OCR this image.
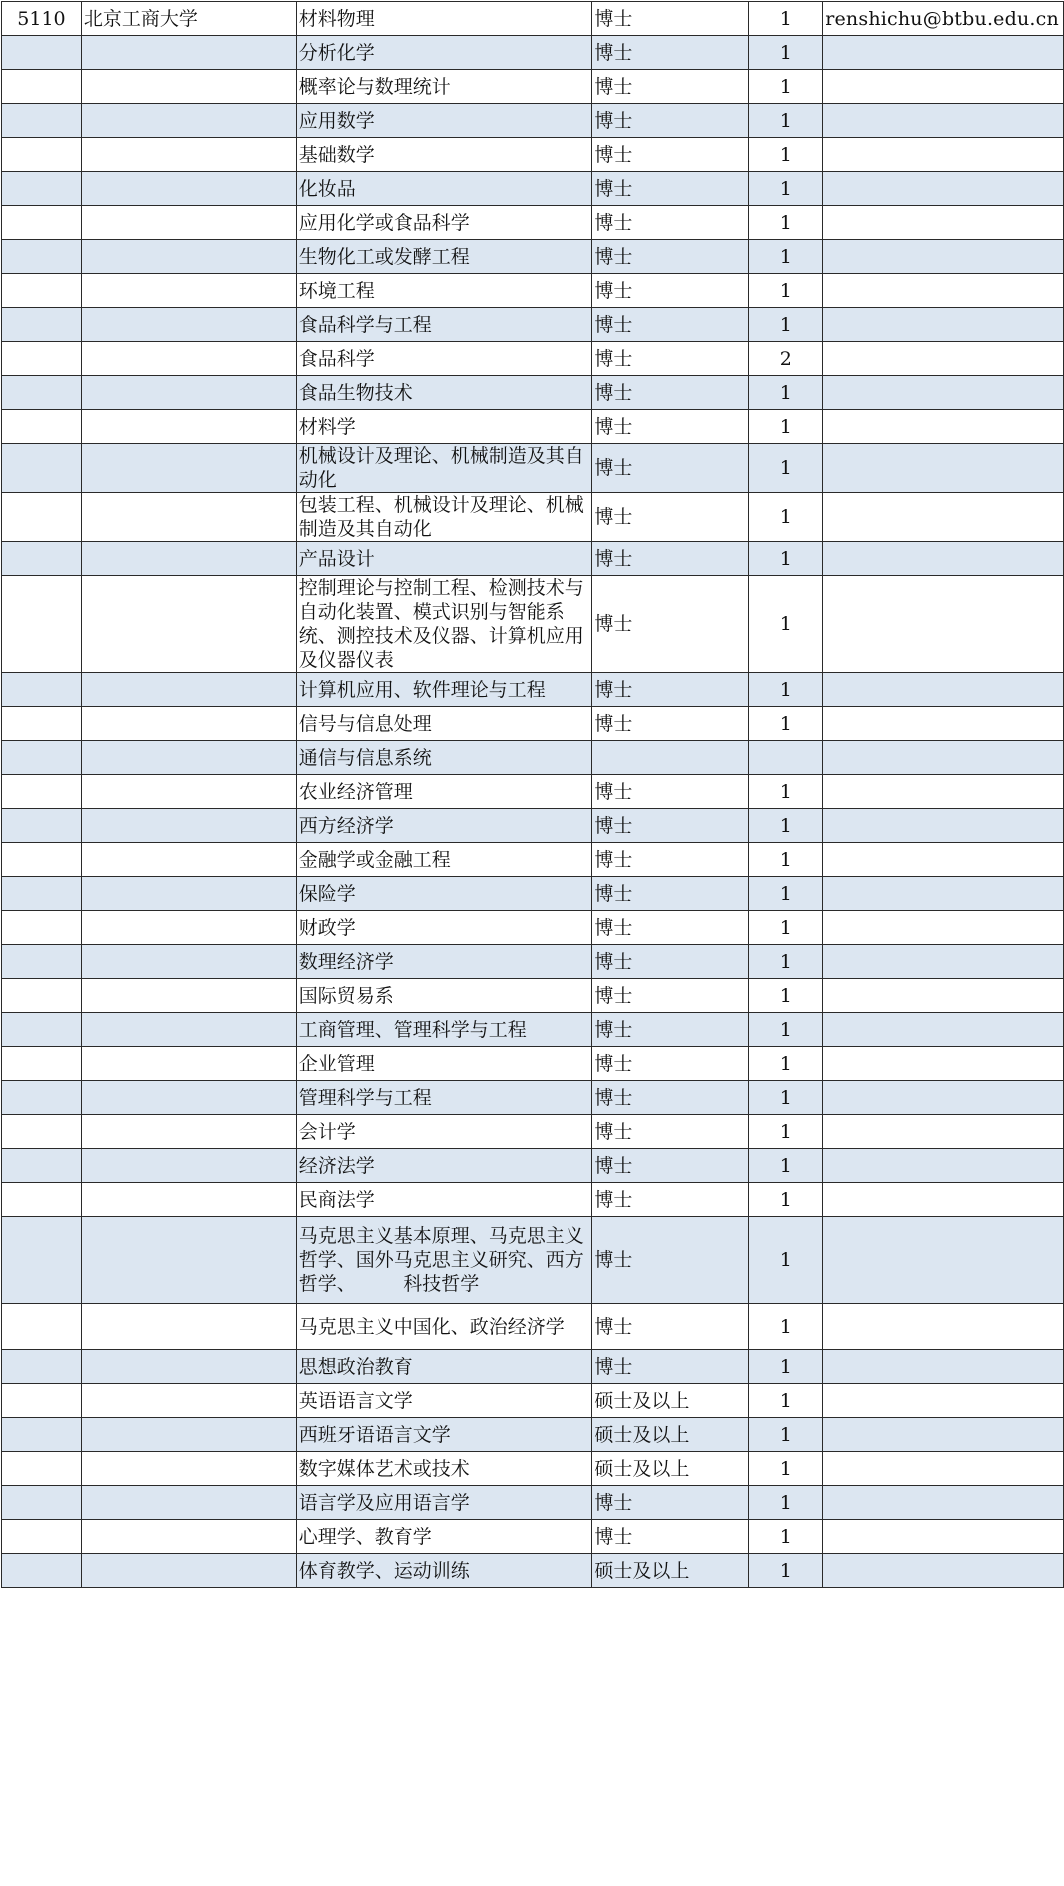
5110	北京工商大学	材料物理	博士	1	renshichu@btbu.edu.cn
		分析化学	博士	1	
		概率论与数理统计	博士	1	
		应用数学	博士	1	
		基础数学	博士	1	
		化妆品	博士	1	
		应用化学或食品科学	博士	1	
		生物化工或发酵工程	博士	1	
		环境工程	博士	1	
		食品科学与工程	博士	1	
		食品科学	博士	2	
		食品生物技术	博士	1	
		材料学	博士	1	
		机械设计及理论、机械制造及其自动化	博士	1	
		包装工程、机械设计及理论、机械制造及其自动化	博士	1	
		产品设计	博士	1	
		控制理论与控制工程、检测技术与自动化装置、模式识别与智能系统、测控技术及仪器、计算机应用及仪器仪表	博士	1	
		计算机应用、软件理论与工程	博士	1	
		信号与信息处理	博士	1	
		通信与信息系统			
		农业经济管理	博士	1	
		西方经济学	博士	1	
		金融学或金融工程	博士	1	
		保险学	博士	1	
		财政学	博士	1	
		数理经济学	博士	1	
		国际贸易系	博士	1	
		工商管理、管理科学与工程	博士	1	
		企业管理	博士	1	
		管理科学与工程	博士	1	
		会计学	博士	1	
		经济法学	博士	1	
		民商法学	博士	1	
		马克思主义基本原理、马克思主义哲学、国外马克思主义研究、西方哲学、　　　科技哲学	博士	1	
		马克思主义中国化、政治经济学	博士	1	
		思想政治教育	博士	1	
		英语语言文学	硕士及以上	1	
		西班牙语语言文学	硕士及以上	1	
		数字媒体艺术或技术	硕士及以上	1	
		语言学及应用语言学	博士	1	
		心理学、教育学	博士	1	
		体育教学、运动训练	硕士及以上	1	
